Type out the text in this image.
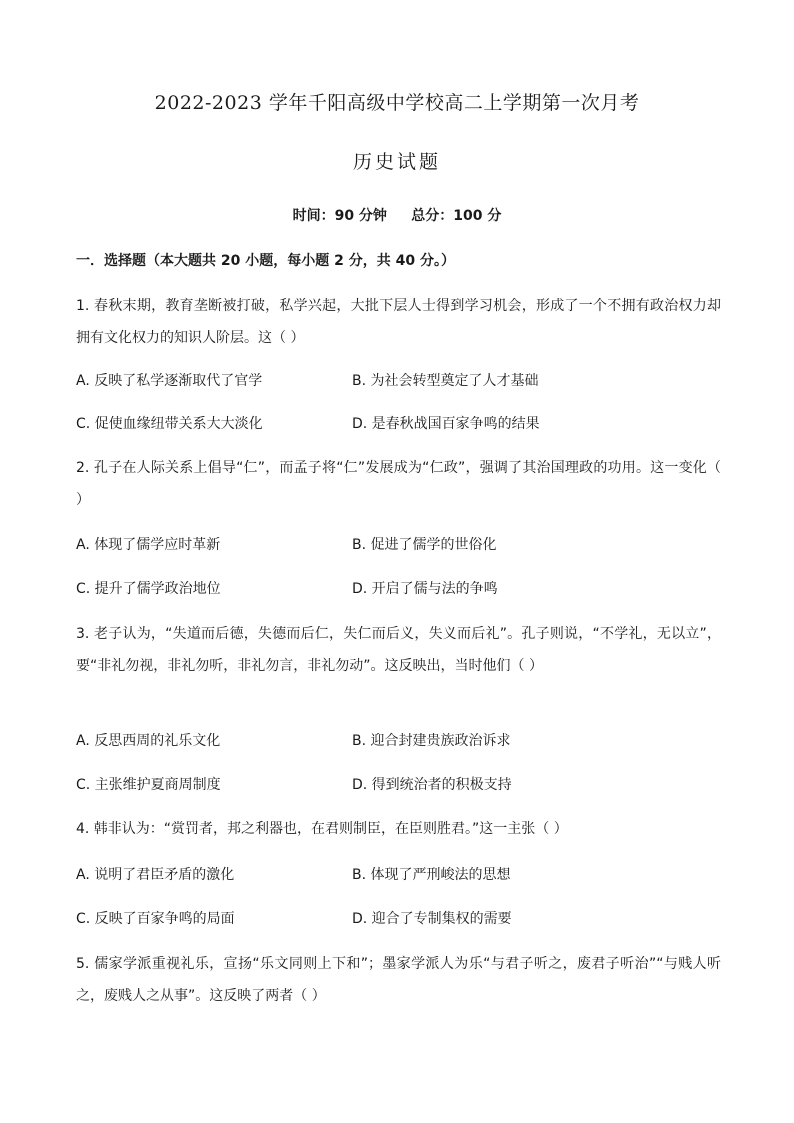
2022-2023 学年千阳高级中学校高二上学期第一次月考
历史试题
时间：90 分钟     总分：100 分
一．选择题（本大题共 20 小题，每小题 2 分，共 40 分。）
1. 春秋末期，教育垄断被打破，私学兴起，大批下层人士得到学习机会，形成了一个不拥有政治权力却拥有文化权力的知识人阶层。这（ ）
A. 反映了私学逐渐取代了官学	B. 为社会转型奠定了人才基础
C. 促使血缘纽带关系大大淡化	D. 是春秋战国百家争鸣的结果
2. 孔子在人际关系上倡导“仁”，而孟子将“仁”发展成为“仁政”，强调了其治国理政的功用。这一变化（ ）
A. 体现了儒学应时革新	B. 促进了儒学的世俗化
C. 提升了儒学政治地位	D. 开启了儒与法的争鸣
3. 老子认为，“失道而后德，失德而后仁，失仁而后义，失义而后礼”。孔子则说，“不学礼，无以立”，要“非礼勿视，非礼勿听，非礼勿言，非礼勿动”。这反映出，当时他们（ ）
A. 反思西周的礼乐文化	B. 迎合封建贵族政治诉求
C. 主张维护夏商周制度	D. 得到统治者的积极支持
4. 韩非认为：“赏罚者，邦之利器也，在君则制臣，在臣则胜君。”这一主张（ ）
A. 说明了君臣矛盾的激化	B. 体现了严刑峻法的思想
C. 反映了百家争鸣的局面	D. 迎合了专制集权的需要
5. 儒家学派重视礼乐，宣扬“乐文同则上下和”；墨家学派人为乐“与君子听之，废君子听治”“与贱人听之，废贱人之从事”。这反映了两者（ ）
